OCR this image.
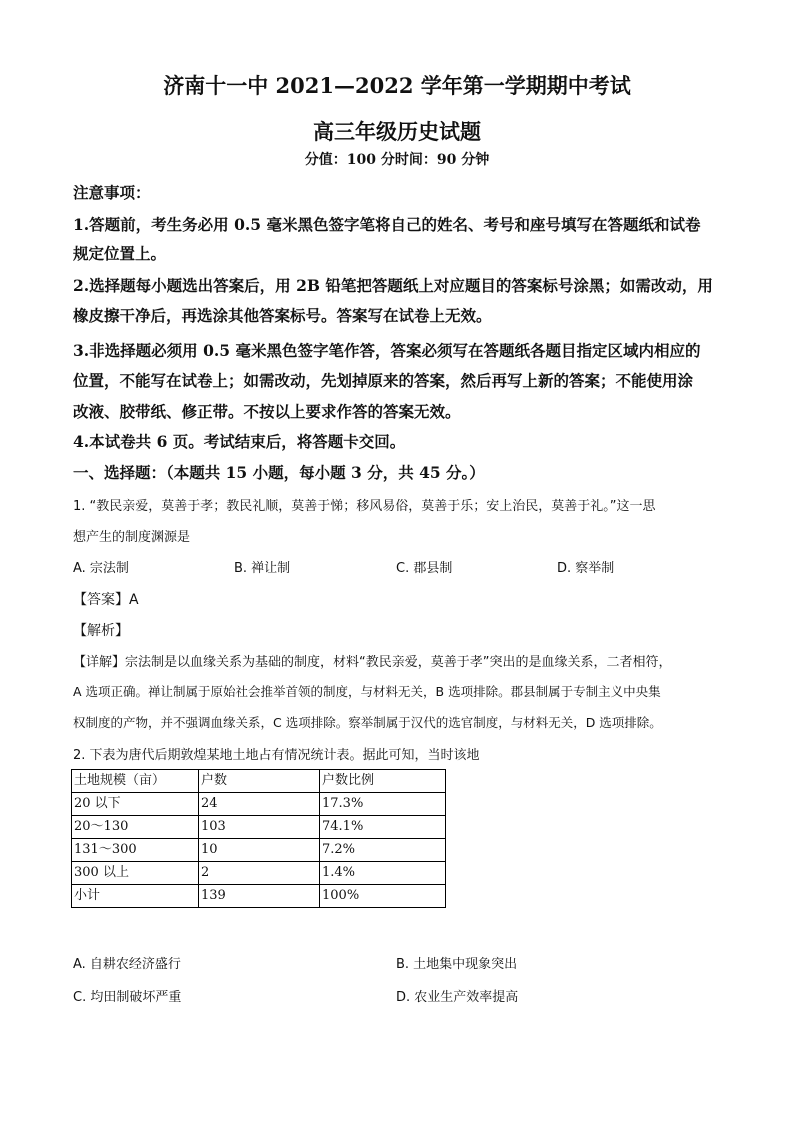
济南十一中 2021—2022 学年第一学期期中考试
高三年级历史试题
分值：100 分时间：90 分钟
注意事项：
1.答题前，考生务必用 0.5 毫米黑色签字笔将自己的姓名、考号和座号填写在答题纸和试卷
规定位置上。
2.选择题每小题选出答案后，用 2B 铅笔把答题纸上对应题目的答案标号涂黑；如需改动，用
橡皮擦干净后，再选涂其他答案标号。答案写在试卷上无效。
3.非选择题必须用 0.5 毫米黑色签字笔作答，答案必须写在答题纸各题目指定区域内相应的
位置，不能写在试卷上；如需改动，先划掉原来的答案，然后再写上新的答案；不能使用涂
改液、胶带纸、修正带。不按以上要求作答的答案无效。
4.本试卷共 6 页。考试结束后，将答题卡交回。
一、选择题：（本题共 15 小题，每小题 3 分，共 45 分。）
1. “教民亲爱，莫善于孝；教民礼顺，莫善于悌；移风易俗，莫善于乐；安上治民，莫善于礼。”这一思
想产生的制度渊源是
A. 宗法制	B. 禅让制	C. 郡县制	D. 察举制
【答案】A
【解析】
【详解】宗法制是以血缘关系为基础的制度，材料“教民亲爱，莫善于孝”突出的是血缘关系，二者相符，
A 选项正确。禅让制属于原始社会推举首领的制度，与材料无关，B 选项排除。郡县制属于专制主义中央集
权制度的产物，并不强调血缘关系，C 选项排除。察举制属于汉代的选官制度，与材料无关，D 选项排除。
2. 下表为唐代后期敦煌某地土地占有情况统计表。据此可知，当时该地
土地规模（亩）	户数	户数比例
20 以下	24	17.3%
20～130	103	74.1%
131～300	10	7.2%
300 以上	2	1.4%
小计	139	100%
A. 自耕农经济盛行	B. 土地集中现象突出
C. 均田制破坏严重	D. 农业生产效率提高
